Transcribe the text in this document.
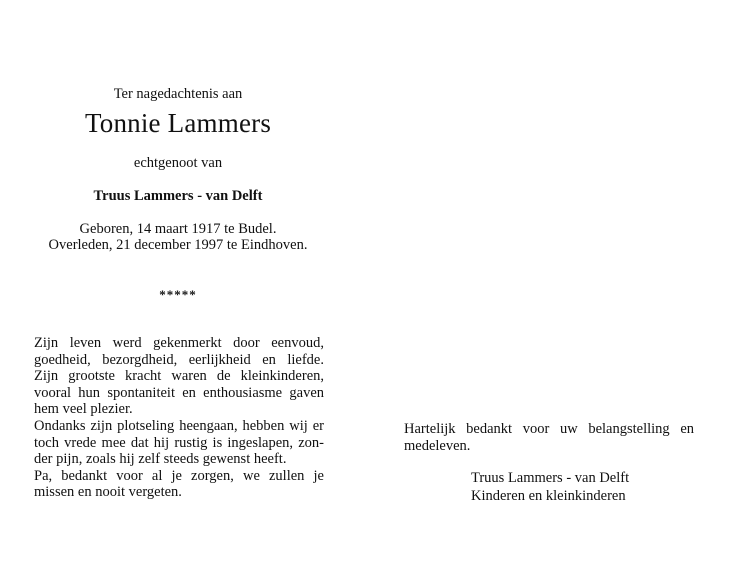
Ter nagedachtenis aan
Tonnie Lammers
echtgenoot van
Truus Lammers - van Delft
Geboren, 14 maart 1917 te Budel.
Overleden, 21 december 1997 te Eindhoven.
*****
Zijn leven werd gekenmerkt door eenvoud,
goedheid, bezorgdheid, eerlijkheid en liefde.
Zijn grootste kracht waren de kleinkinderen,
vooral hun spontaniteit en enthousiasme gaven
hem veel plezier.
Ondanks zijn plotseling heengaan, hebben wij er
toch vrede mee dat hij rustig is ingeslapen, zon-
der pijn, zoals hij zelf steeds gewenst heeft.
Pa, bedankt voor al je zorgen, we zullen je
missen en nooit vergeten.
Hartelijk bedankt voor uw belangstelling en
medeleven.
Truus Lammers - van Delft
Kinderen en kleinkinderen
